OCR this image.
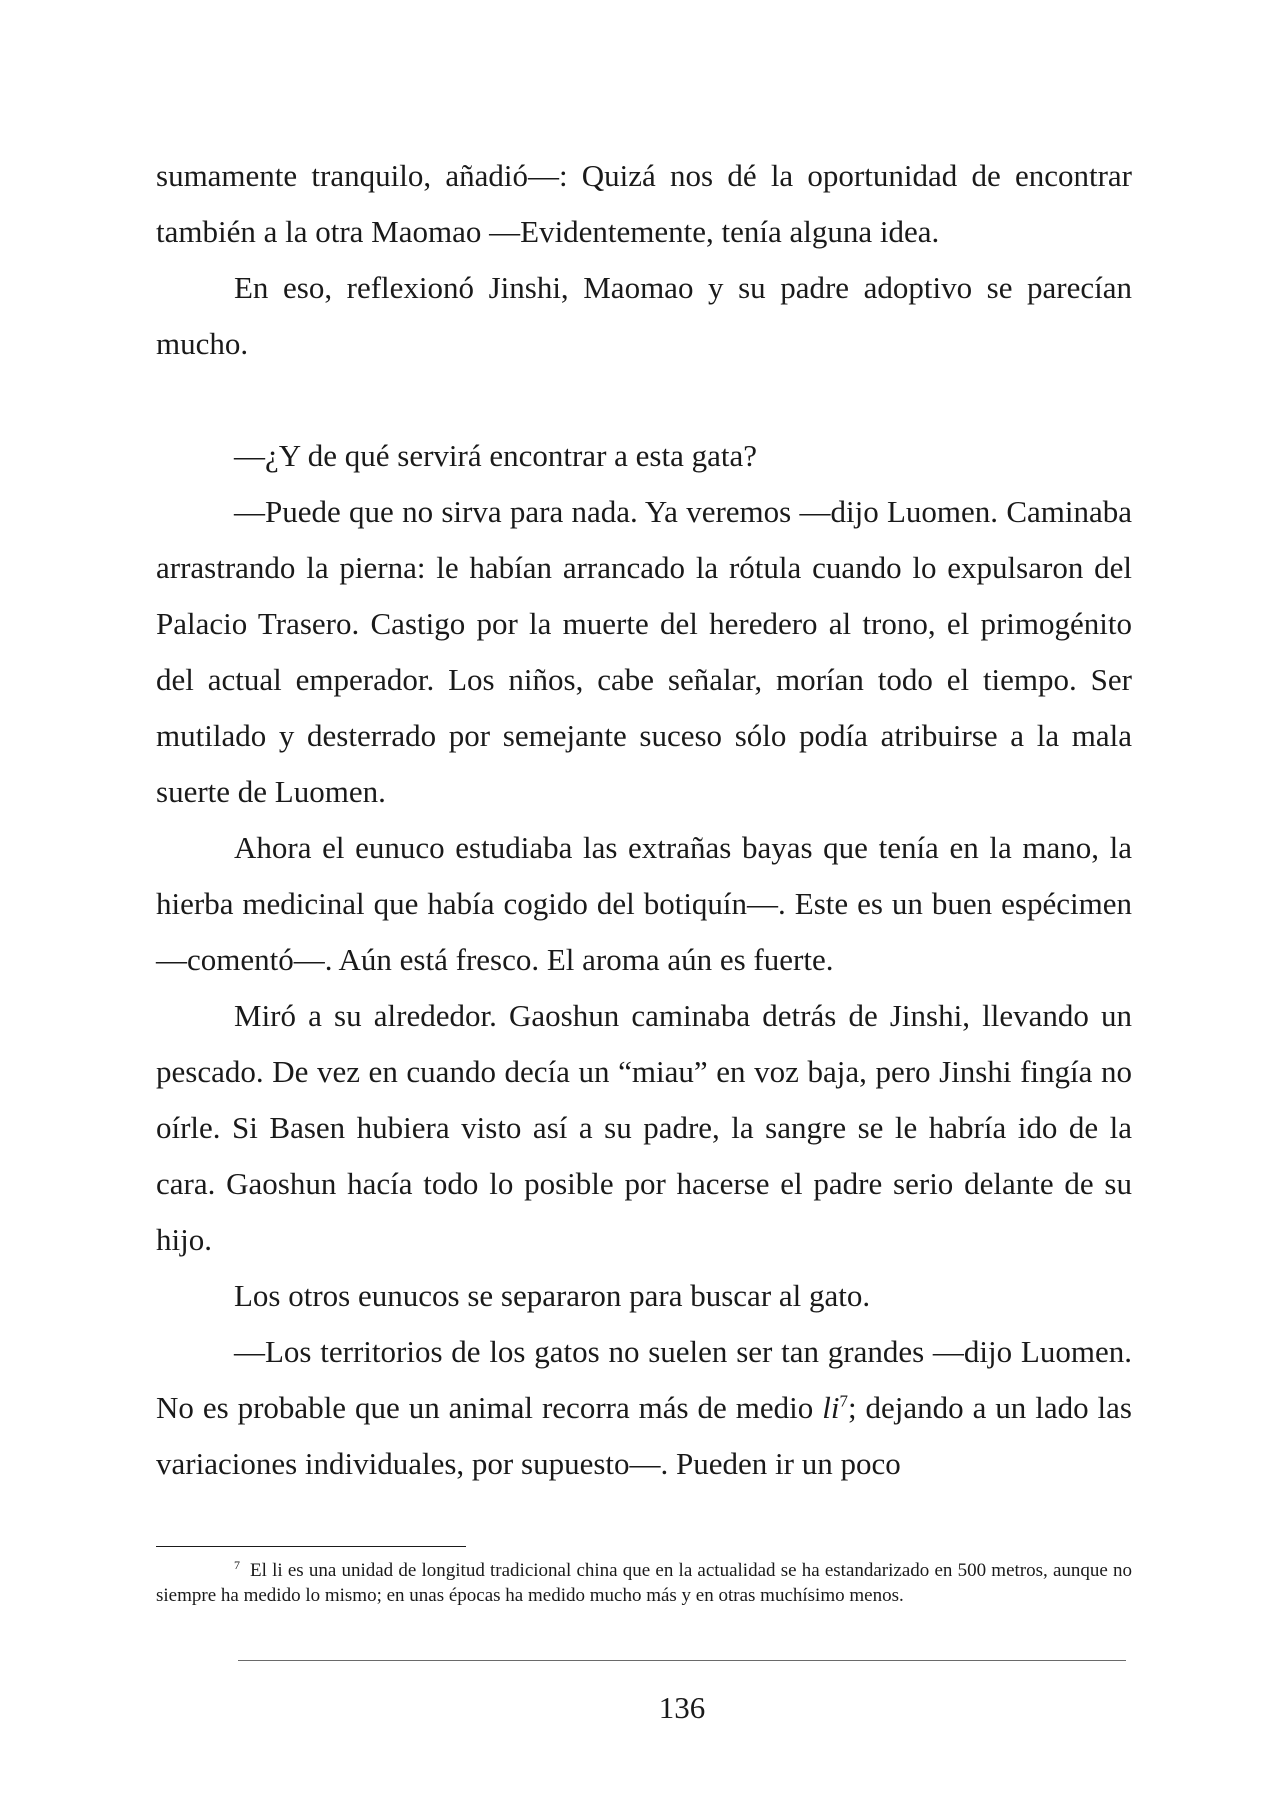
sumamente tranquilo, añadió—: Quizá nos dé la oportunidad de encontrar también a la otra Maomao —Evidentemente, tenía alguna idea.

En eso, reflexionó Jinshi, Maomao y su padre adoptivo se parecían mucho.

—¿Y de qué servirá encontrar a esta gata?

—Puede que no sirva para nada. Ya veremos —dijo Luomen. Caminaba arrastrando la pierna: le habían arrancado la rótula cuando lo expulsaron del Palacio Trasero. Castigo por la muerte del heredero al trono, el primogénito del actual emperador. Los niños, cabe señalar, morían todo el tiempo. Ser mutilado y desterrado por semejante suceso sólo podía atribuirse a la mala suerte de Luomen.

Ahora el eunuco estudiaba las extrañas bayas que tenía en la mano, la hierba medicinal que había cogido del botiquín—. Este es un buen espécimen —comentó—. Aún está fresco. El aroma aún es fuerte.

Miró a su alrededor. Gaoshun caminaba detrás de Jinshi, llevando un pescado. De vez en cuando decía un “miau” en voz baja, pero Jinshi fingía no oírle. Si Basen hubiera visto así a su padre, la sangre se le habría ido de la cara. Gaoshun hacía todo lo posible por hacerse el padre serio delante de su hijo.

Los otros eunucos se separaron para buscar al gato.

—Los territorios de los gatos no suelen ser tan grandes —dijo Luomen. No es probable que un animal recorra más de medio $li^7$; dejando a un lado las variaciones individuales, por supuesto—. Pueden ir un poco

$^7$ El li es una unidad de longitud tradicional china que en la actualidad se ha estandarizado en 500 metros, aunque no siempre ha medido lo mismo; en unas épocas ha medido mucho más y en otras muchísimo menos.
136
